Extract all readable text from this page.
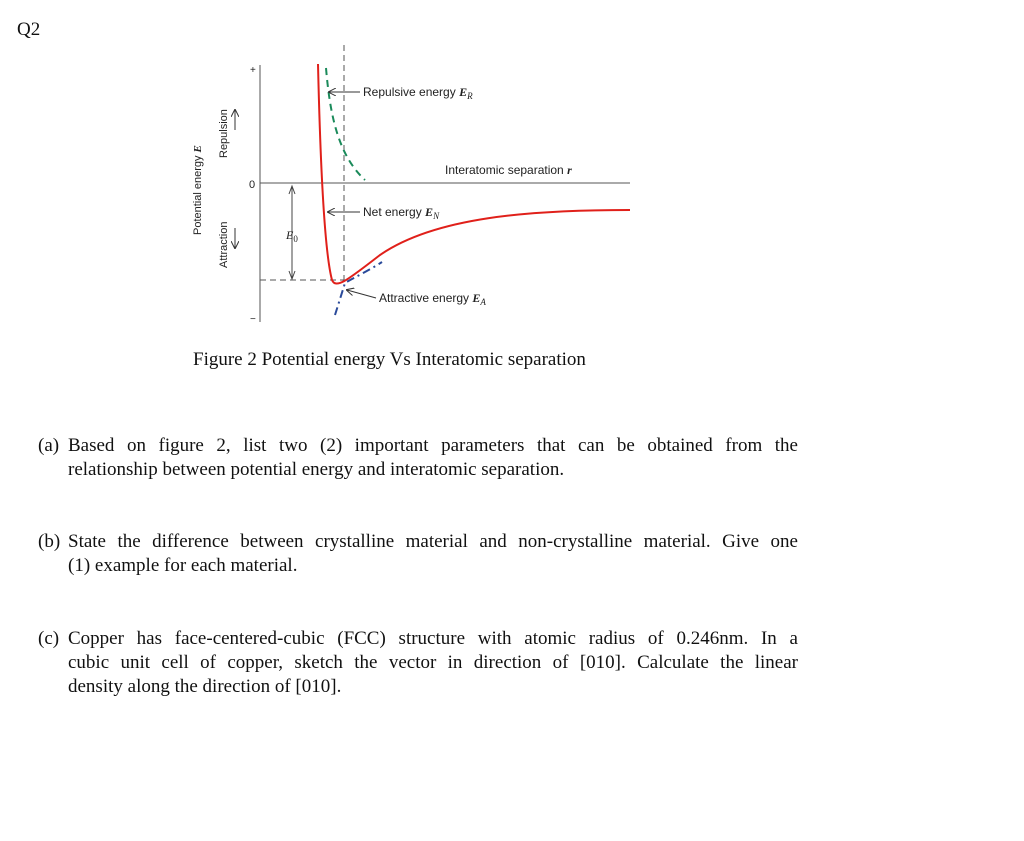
Q2
Repulsive energy $E_R$
Interatomic separation r
Net energy $E_N$
Attractive energy $E_A$
$E_0$
0
+
−
Potential energy E Repulsion
Attraction
Figure 2 Potential energy Vs Interatomic separation
(a) Based on figure 2, list two (2) important parameters that can be obtained from the
relationship between potential energy and interatomic separation.
(b) State the difference between crystalline material and non-crystalline material. Give one
(1) example for each material.
(c) Copper has face-centered-cubic (FCC) structure with atomic radius of 0.246nm. In a
cubic unit cell of copper, sketch the vector in direction of [010]. Calculate the linear
density along the direction of [010].
